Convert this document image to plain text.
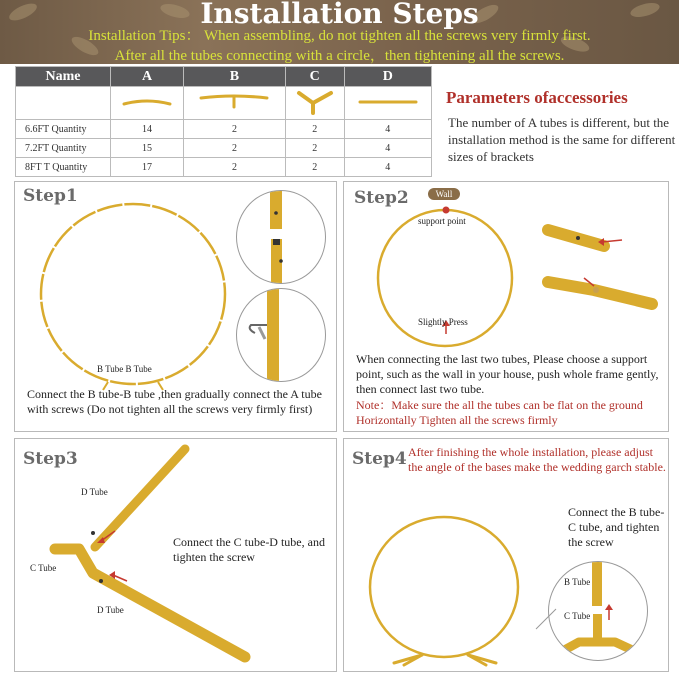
Installation Steps
Installation Tips： When assembling, do not tighten all the screws very firmly first.
After all the tubes connecting with a circle，then tightening all the screws.
Name	A	B	C	D

6.6FT Quantity	14	2	2	4
7.2FT Quantity	15	2	2	4
8FT T Quantity	17	2	2	4
Parameters ofaccessories
The number of A tubes is different, but the installation method is the same for different sizes of brackets
Step1
B Tube B Tube
Connect the B tube-B tube ,then gradually connect the A tube with screws (Do not tighten all the screws very firmly first)
Step2	Wall
support point
Slightly Press
When connecting the last two tubes, Please choose a support point, such as the wall in your house, push whole frame gently, then connect last two tube.
Note：Make sure the all the tubes can be flat on the ground Horizontally Tighten all the screws firmly
Step3
D Tube
C Tube
D Tube
Connect the C tube-D tube, and tighten the screw
Step4 After finishing the whole installation, please adjust the angle of the bases make the wedding garch stable.
Connect the B tube-C tube, and tighten the screw
B Tube
C Tube
